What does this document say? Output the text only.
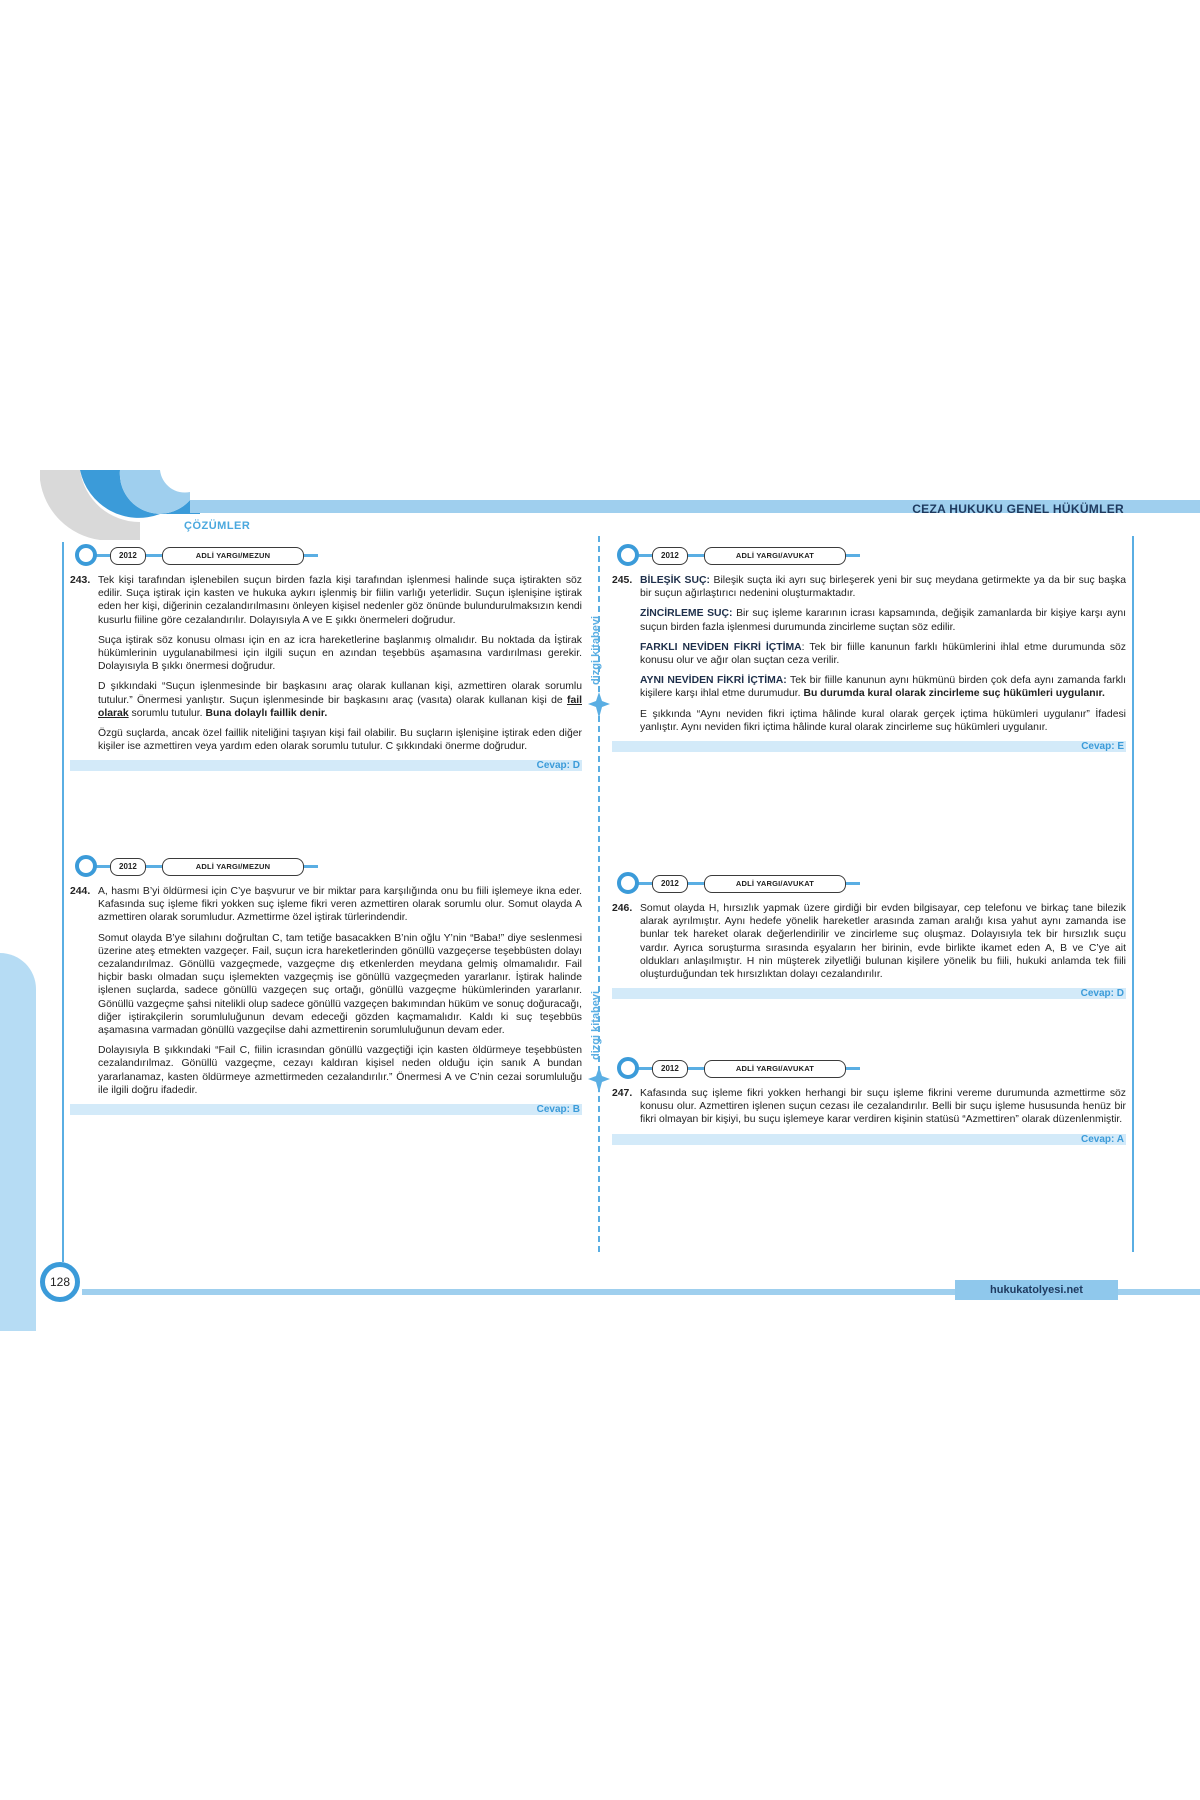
CEZA HUKUKU GENEL HÜKÜMLER
ÇÖZÜMLER
dizgi kitabevi
dizgi kitabevi
2012	ADLİ YARGI/MEZUN

243. Tek kişi tarafından işlenebilen suçun birden fazla kişi tarafından işlenmesi halinde suça iştirakten söz edilir. Suça iştirak için kasten ve hukuka aykırı işlenmiş bir fiilin varlığı yeterlidir. Suçun işlenişine iştirak eden her kişi, diğerinin cezalandırılmasını önleyen kişisel nedenler göz önünde bulundurulmaksızın kendi kusurlu fiiline göre cezalandırılır. Dolayısıyla A ve E şıkkı önermeleri doğrudur.

Suça iştirak söz konusu olması için en az icra hareketlerine başlanmış olmalıdır. Bu noktada da İştirak hükümlerinin uygulanabilmesi için ilgili suçun en azından teşebbüs aşamasına vardırılması gerekir. Dolayısıyla B şıkkı önermesi doğrudur.

D şıkkındaki “Suçun işlenmesinde bir başkasını araç olarak kullanan kişi, azmettiren olarak sorumlu tutulur.” Önermesi yanlıştır. Suçun işlenmesinde bir başkasını araç (vasıta) olarak kullanan kişi de fail olarak sorumlu tutulur. Buna dolaylı faillik denir.

Özgü suçlarda, ancak özel faillik niteliğini taşıyan kişi fail olabilir. Bu suçların işlenişine iştirak eden diğer kişiler ise azmettiren veya yardım eden olarak sorumlu tutulur. C şıkkındaki önerme doğrudur.

Cevap: D
2012	ADLİ YARGI/MEZUN

244. A, hasmı B’yi öldürmesi için C’ye başvurur ve bir miktar para karşılığında onu bu fiili işlemeye ikna eder. Kafasında suç işleme fikri yokken suç işleme fikri veren azmettiren olarak sorumlu olur. Somut olayda A azmettiren olarak sorumludur. Azmettirme özel iştirak türlerindendir.

Somut olayda B’ye silahını doğrultan C, tam tetiğe basacakken B’nin oğlu Y’nin “Baba!” diye seslenmesi üzerine ateş etmekten vazgeçer. Fail, suçun icra hareketlerinden gönüllü vazgeçerse teşebbüsten dolayı cezalandırılmaz. Gönüllü vazgeçmede, vazgeçme dış etkenlerden meydana gelmiş olmamalıdır. Fail hiçbir baskı olmadan suçu işlemekten vazgeçmiş ise gönüllü vazgeçmeden yararlanır. İştirak halinde işlenen suçlarda, sadece gönüllü vazgeçen suç ortağı, gönüllü vazgeçme hükümlerinden yararlanır. Gönüllü vazgeçme şahsi nitelikli olup sadece gönüllü vazgeçen bakımından hüküm ve sonuç doğuracağı, diğer iştirakçilerin sorumluluğunun devam edeceği gözden kaçmamalıdır. Kaldı ki suç teşebbüs aşamasına varmadan gönüllü vazgeçilse dahi azmettirenin sorumluluğunun devam eder.

Dolayısıyla B şıkkındaki “Fail C, fiilin icrasından gönüllü vazgeçtiği için kasten öldürmeye teşebbüsten cezalandırılmaz. Gönüllü vazgeçme, cezayı kaldıran kişisel neden olduğu için sanık A bundan yararlanamaz, kasten öldürmeye azmettirmeden cezalandırılır.” Önermesi A ve C’nin cezai sorumluluğu ile ilgili doğru ifadedir.

Cevap: B
2012	ADLİ YARGI/AVUKAT

245. BİLEŞİK SUÇ: Bileşik suçta iki ayrı suç birleşerek yeni bir suç meydana getirmekte ya da bir suç başka bir suçun ağırlaştırıcı nedenini oluşturmaktadır.

ZİNCİRLEME SUÇ: Bir suç işleme kararının icrası kapsamında, değişik zamanlarda bir kişiye karşı aynı suçun birden fazla işlenmesi durumunda zincirleme suçtan söz edilir.

FARKLI NEVİDEN FİKRİ İÇTİMA: Tek bir fiille kanunun farklı hükümlerini ihlal etme durumunda söz konusu olur ve ağır olan suçtan ceza verilir.

AYNI NEVİDEN FİKRİ İÇTİMA: Tek bir fiille kanunun aynı hükmünü birden çok defa aynı zamanda farklı kişilere karşı ihlal etme durumudur. Bu durumda kural olarak zincirleme suç hükümleri uygulanır.

E şıkkında “Aynı neviden fikri içtima hâlinde kural olarak gerçek içtima hükümleri uygulanır” İfadesi yanlıştır. Aynı neviden fikri içtima hâlinde kural olarak zincirleme suç hükümleri uygulanır.

Cevap: E
2012	ADLİ YARGI/AVUKAT

246. Somut olayda H, hırsızlık yapmak üzere girdiği bir evden bilgisayar, cep telefonu ve birkaç tane bilezik alarak ayrılmıştır. Aynı hedefe yönelik hareketler arasında zaman aralığı kısa yahut aynı zamanda ise bunlar tek hareket olarak değerlendirilir ve zincirleme suç oluşmaz. Dolayısıyla tek bir hırsızlık suçu vardır. Ayrıca soruşturma sırasında eşyaların her birinin, evde birlikte ikamet eden A, B ve C’ye ait oldukları anlaşılmıştır. H nin müşterek zilyetliği bulunan kişilere yönelik bu fiili, hukuki anlamda tek fiili oluşturduğundan tek hırsızlıktan dolayı cezalandırılır.

Cevap: D
2012	ADLİ YARGI/AVUKAT

247. Kafasında suç işleme fikri yokken herhangi bir suçu işleme fikrini vereme durumunda azmettirme söz konusu olur. Azmettiren işlenen suçun cezası ile cezalandırılır. Belli bir suçu işleme hususunda henüz bir fikri olmayan bir kişiyi, bu suçu işlemeye karar verdiren kişinin statüsü “Azmettiren” olarak düzenlenmiştir.

Cevap: A
128
hukukatolyesi.net
